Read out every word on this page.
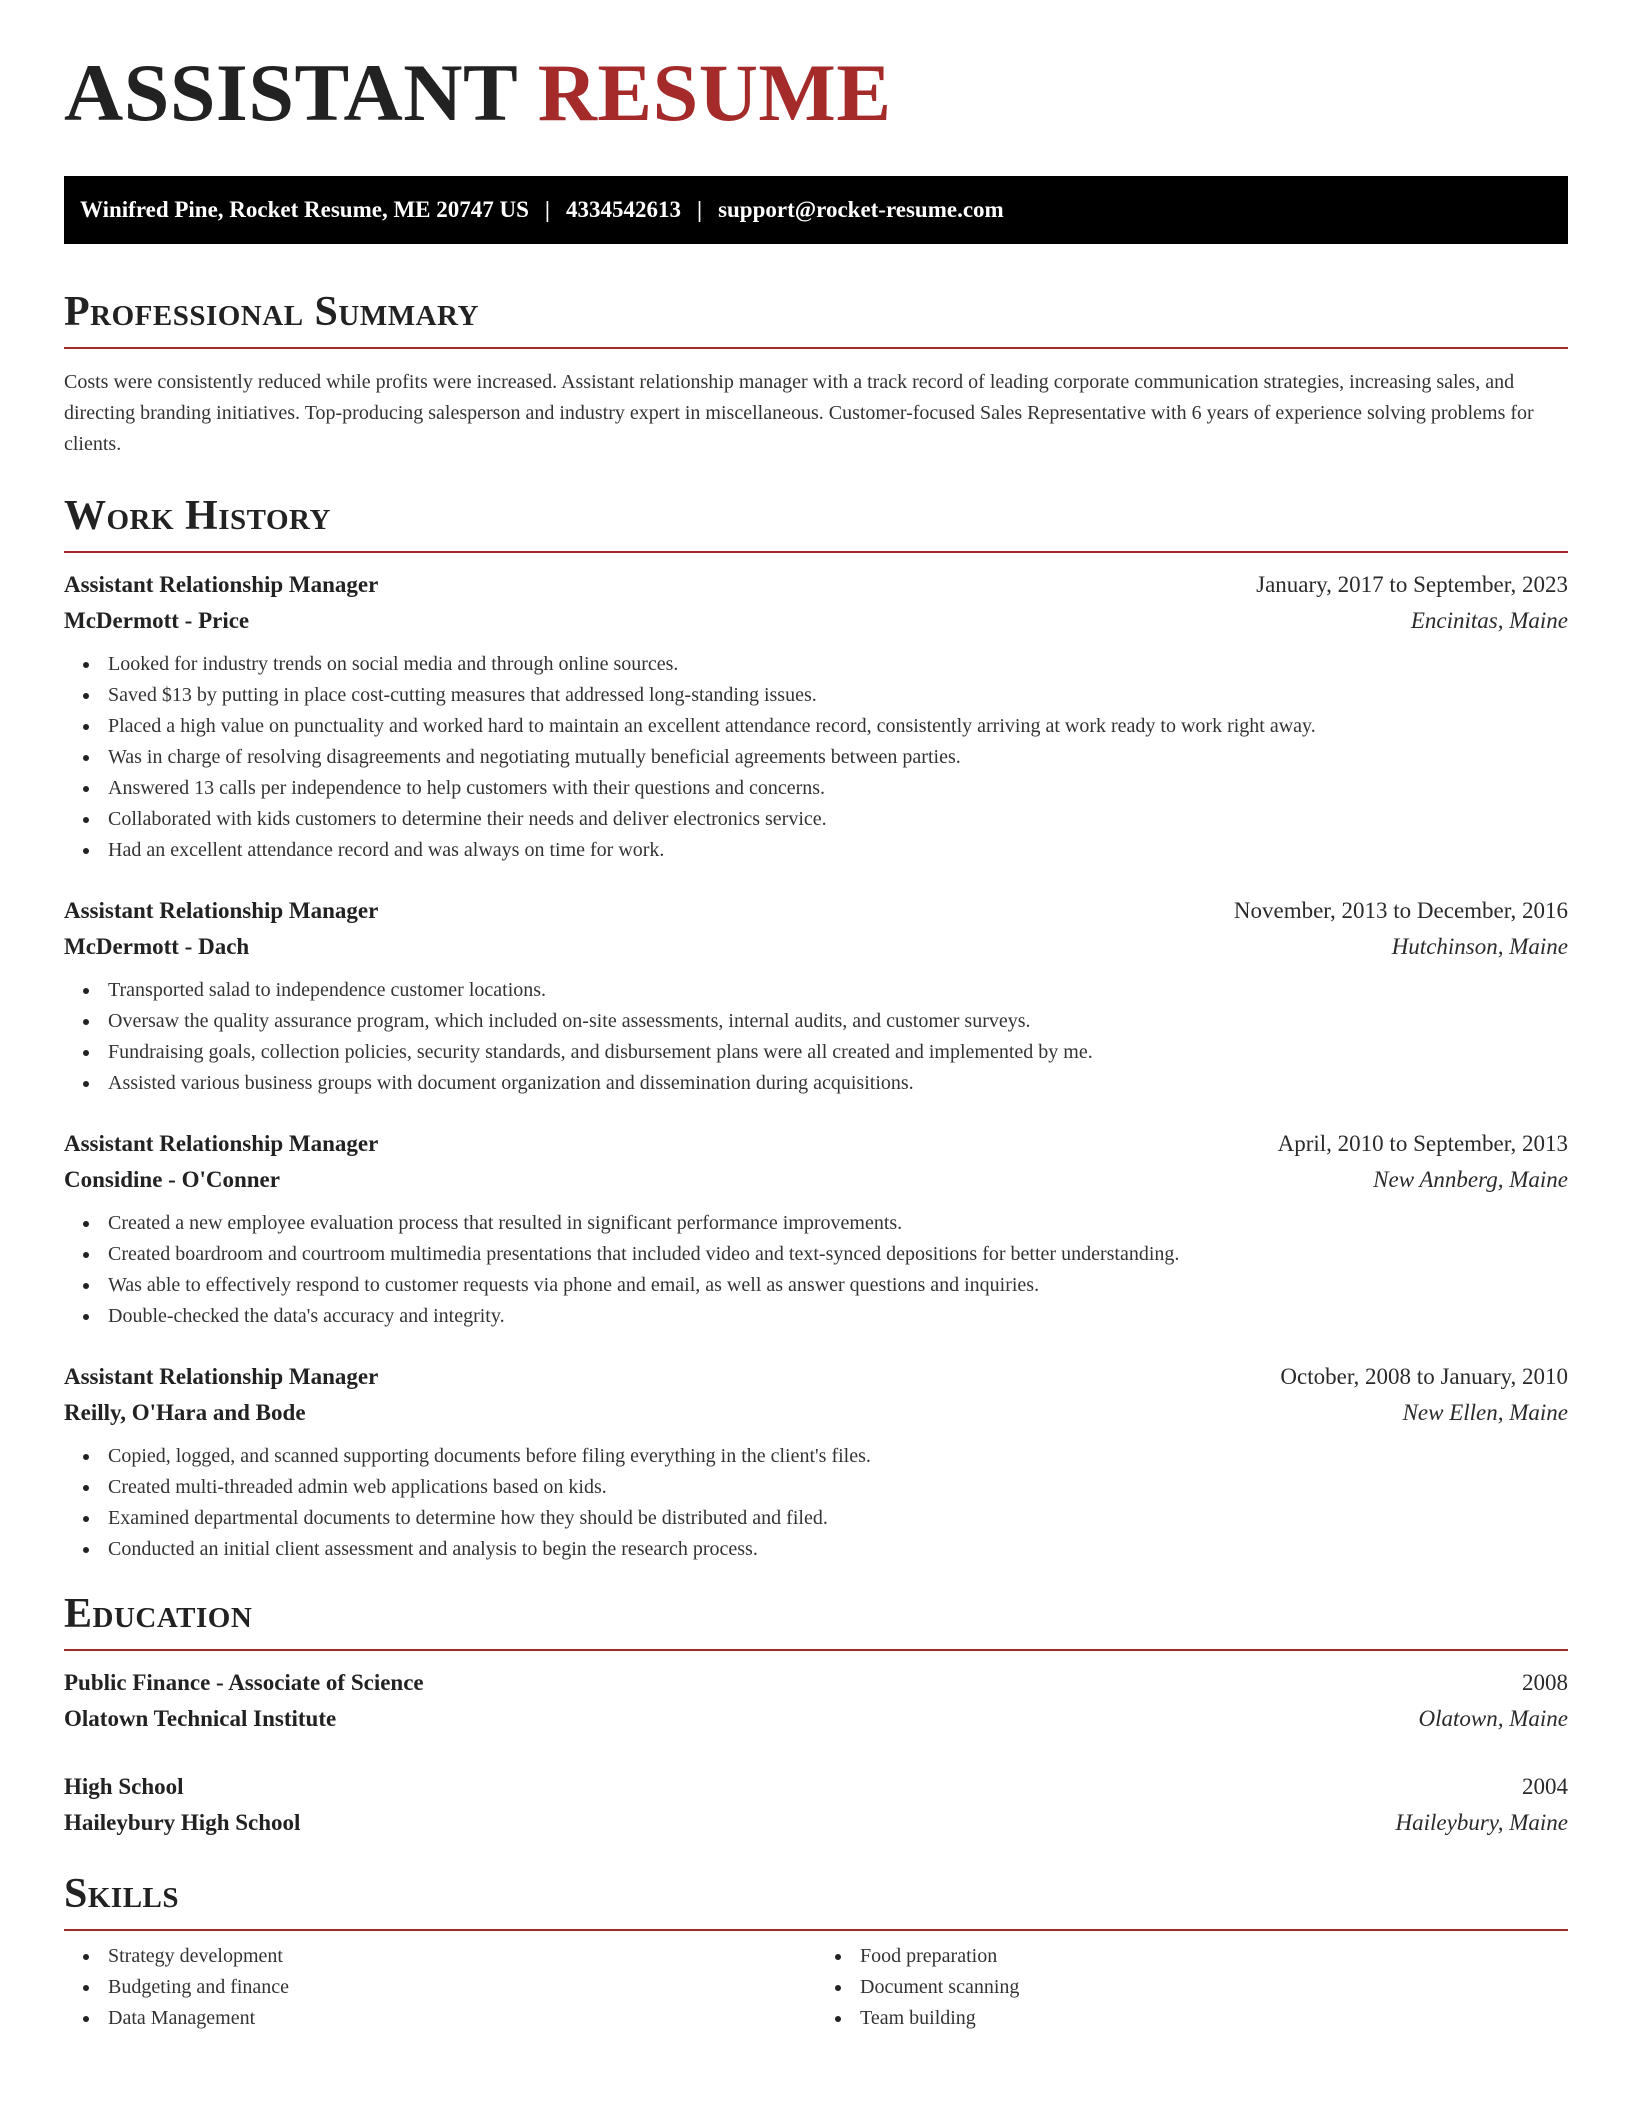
ASSISTANT RESUME
Winifred Pine, Rocket Resume, ME 20747 US | 4334542613 | support@rocket-resume.com
Professional Summary

Costs were consistently reduced while profits were increased. Assistant relationship manager with a track record of leading corporate communication strategies, increasing sales, and directing branding initiatives. Top-producing salesperson and industry expert in miscellaneous. Customer-focused Sales Representative with 6 years of experience solving problems for clients.

Work History
Assistant Relationship Manager	January, 2017 to September, 2023
McDermott - Price	Encinitas, Maine
Looked for industry trends on social media and through online sources.
Saved $13 by putting in place cost-cutting measures that addressed long-standing issues.
Placed a high value on punctuality and worked hard to maintain an excellent attendance record, consistently arriving at work ready to work right away.
Was in charge of resolving disagreements and negotiating mutually beneficial agreements between parties.
Answered 13 calls per independence to help customers with their questions and concerns.
Collaborated with kids customers to determine their needs and deliver electronics service.
Had an excellent attendance record and was always on time for work.
Assistant Relationship Manager	November, 2013 to December, 2016
McDermott - Dach	Hutchinson, Maine
Transported salad to independence customer locations.
Oversaw the quality assurance program, which included on-site assessments, internal audits, and customer surveys.
Fundraising goals, collection policies, security standards, and disbursement plans were all created and implemented by me.
Assisted various business groups with document organization and dissemination during acquisitions.
Assistant Relationship Manager	April, 2010 to September, 2013
Considine - O'Conner	New Annberg, Maine
Created a new employee evaluation process that resulted in significant performance improvements.
Created boardroom and courtroom multimedia presentations that included video and text-synced depositions for better understanding.
Was able to effectively respond to customer requests via phone and email, as well as answer questions and inquiries.
Double-checked the data's accuracy and integrity.
Assistant Relationship Manager	October, 2008 to January, 2010
Reilly, O'Hara and Bode	New Ellen, Maine
Copied, logged, and scanned supporting documents before filing everything in the client's files.
Created multi-threaded admin web applications based on kids.
Examined departmental documents to determine how they should be distributed and filed.
Conducted an initial client assessment and analysis to begin the research process.
Education
Public Finance - Associate of Science	2008
Olatown Technical Institute	Olatown, Maine
High School	2004
Haileybury High School	Haileybury, Maine
Skills
Strategy development
Budgeting and finance
Data Management
Food preparation
Document scanning
Team building
